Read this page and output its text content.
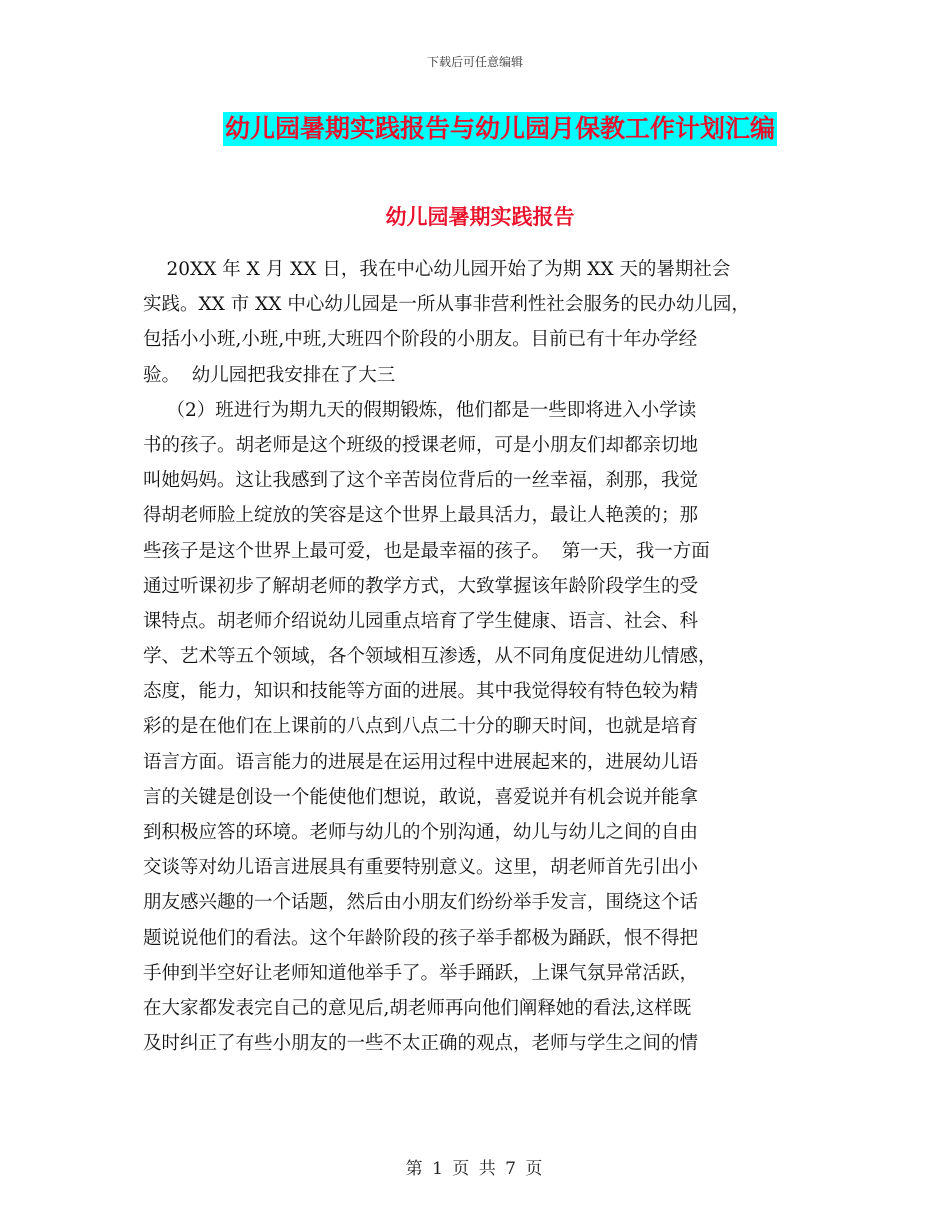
下载后可任意编辑
幼儿园暑期实践报告与幼儿园月保教工作计划汇编
幼儿园暑期实践报告
20XX 年 X 月 XX 日，我在中心幼儿园开始了为期 XX 天的暑期社会
实践。XX 市 XX 中心幼儿园是一所从事非营利性社会服务的民办幼儿园，
包括小小班,小班,中班,大班四个阶段的小朋友。目前已有十年办学经
验。  幼儿园把我安排在了大三
（2）班进行为期九天的假期锻炼，他们都是一些即将进入小学读
书的孩子。胡老师是这个班级的授课老师，可是小朋友们却都亲切地
叫她妈妈。这让我感到了这个辛苦岗位背后的一丝幸福，刹那，我觉
得胡老师脸上绽放的笑容是这个世界上最具活力，最让人艳羡的；那
些孩子是这个世界上最可爱，也是最幸福的孩子。  第一天，我一方面
通过听课初步了解胡老师的教学方式，大致掌握该年龄阶段学生的受
课特点。胡老师介绍说幼儿园重点培育了学生健康、语言、社会、科
学、艺术等五个领域，各个领域相互渗透，从不同角度促进幼儿情感，
态度，能力，知识和技能等方面的进展。其中我觉得较有特色较为精
彩的是在他们在上课前的八点到八点二十分的聊天时间，也就是培育
语言方面。语言能力的进展是在运用过程中进展起来的，进展幼儿语
言的关键是创设一个能使他们想说，敢说，喜爱说并有机会说并能拿
到积极应答的环境。老师与幼儿的个别沟通，幼儿与幼儿之间的自由
交谈等对幼儿语言进展具有重要特别意义。这里，胡老师首先引出小
朋友感兴趣的一个话题，然后由小朋友们纷纷举手发言，围绕这个话
题说说他们的看法。这个年龄阶段的孩子举手都极为踊跃，恨不得把
手伸到半空好让老师知道他举手了。举手踊跃，上课气氛异常活跃，
在大家都发表完自己的意见后,胡老师再向他们阐释她的看法,这样既
及时纠正了有些小朋友的一些不太正确的观点，老师与学生之间的情
第 1 页 共 7 页
